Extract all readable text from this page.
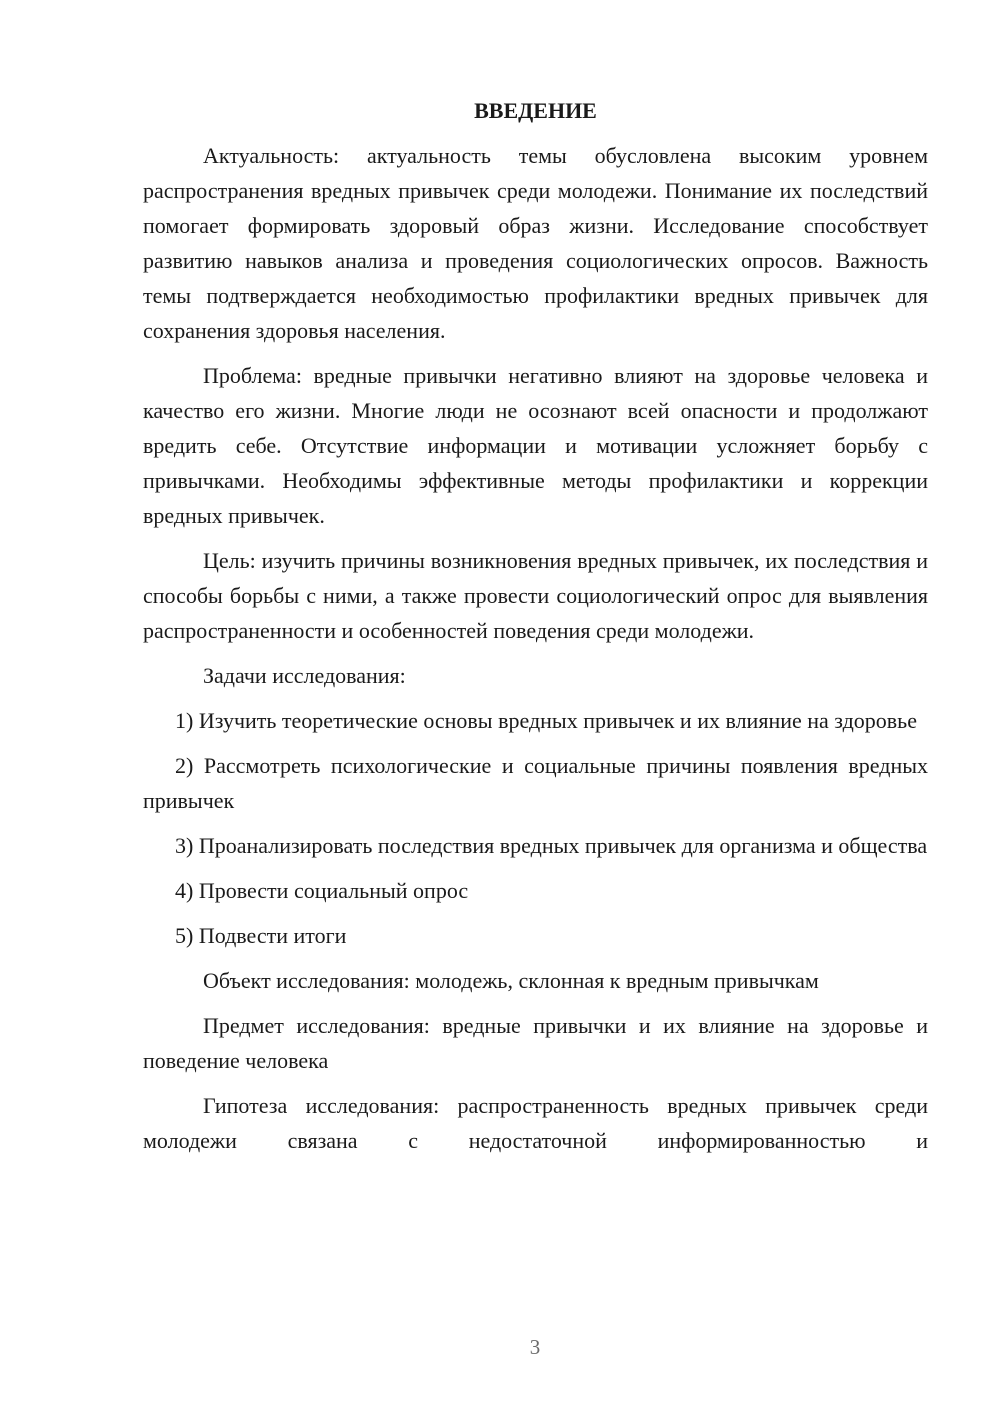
ВВЕДЕНИЕ

Актуальность: актуальность темы обусловлена высоким уровнем распространения вредных привычек среди молодежи. Понимание их последствий помогает формировать здоровый образ жизни. Исследование способствует развитию навыков анализа и проведения социологических опросов. Важность темы подтверждается необходимостью профилактики вредных привычек для сохранения здоровья населения.

Проблема: вредные привычки негативно влияют на здоровье человека и качество его жизни. Многие люди не осознают всей опасности и продолжают вредить себе. Отсутствие информации и мотивации усложняет борьбу с привычками. Необходимы эффективные методы профилактики и коррекции вредных привычек.

Цель: изучить причины возникновения вредных привычек, их последствия и способы борьбы с ними, а также провести социологический опрос для выявления распространенности и особенностей поведения среди молодежи.

Задачи исследования:

1) Изучить теоретические основы вредных привычек и их влияние на здоровье

2) Рассмотреть психологические и социальные причины появления вредных привычек

3) Проанализировать последствия вредных привычек для организма и общества

4) Провести социальный опрос

5) Подвести итоги

Объект исследования: молодежь, склонная к вредным привычкам

Предмет исследования: вредные привычки и их влияние на здоровье и поведение человека

Гипотеза исследования: распространенность вредных привычек среди молодежи связана с недостаточной информированностью и

3
